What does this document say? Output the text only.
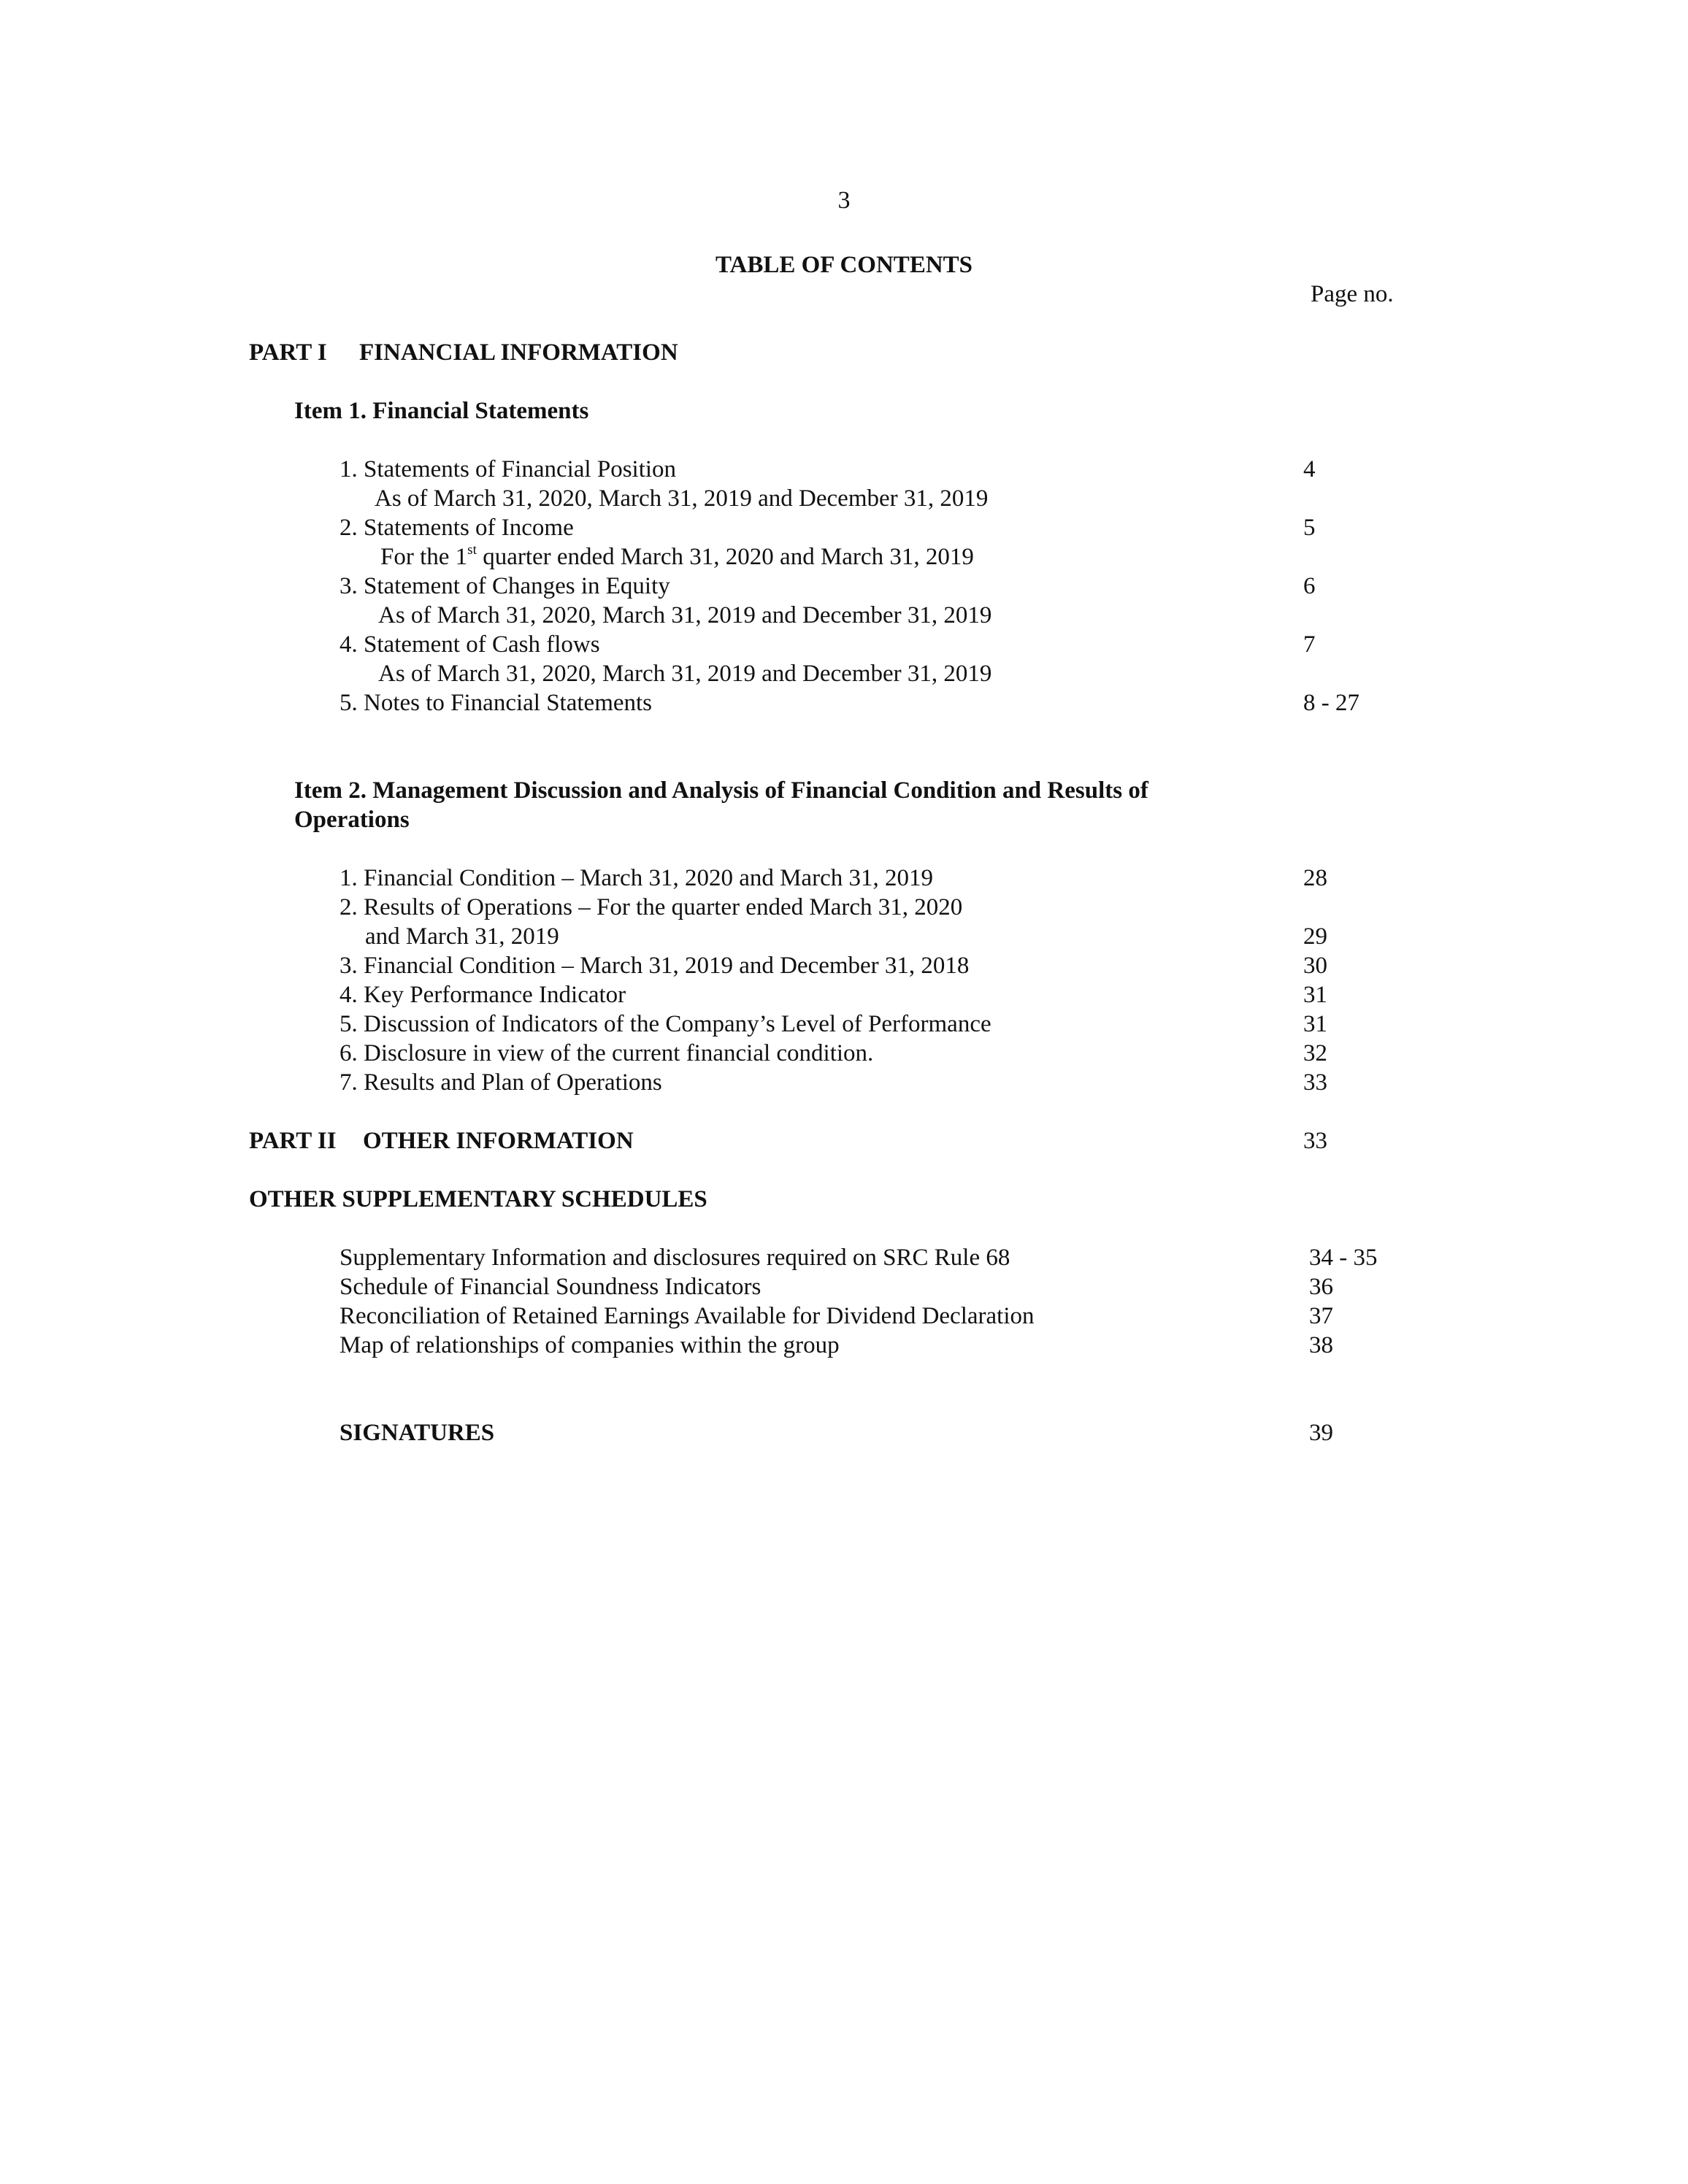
3
TABLE OF CONTENTS
Page no.
PART I FINANCIAL INFORMATION
Item 1. Financial Statements
1. Statements of Financial Position	4
As of March 31, 2020, March 31, 2019 and December 31, 2019
2. Statements of Income	5
For the 1st quarter ended March 31, 2020 and March 31, 2019
3. Statement of Changes in Equity	6
As of March 31, 2020, March 31, 2019 and December 31, 2019
4. Statement of Cash flows	7
As of March 31, 2020, March 31, 2019 and December 31, 2019
5. Notes to Financial Statements	8 - 27
Item 2. Management Discussion and Analysis of Financial Condition and Results of
Operations
1. Financial Condition – March 31, 2020 and March 31, 2019	28
2. Results of Operations – For the quarter ended March 31, 2020
and March 31, 2019	29
3. Financial Condition – March 31, 2019 and December 31, 2018	30
4. Key Performance Indicator	31
5. Discussion of Indicators of the Company’s Level of Performance	31
6. Disclosure in view of the current financial condition.	32
7. Results and Plan of Operations	33
PART II OTHER INFORMATION	33
OTHER SUPPLEMENTARY SCHEDULES
Supplementary Information and disclosures required on SRC Rule 68	34 - 35
Schedule of Financial Soundness Indicators	36
Reconciliation of Retained Earnings Available for Dividend Declaration	37
Map of relationships of companies within the group	38
SIGNATURES	39
